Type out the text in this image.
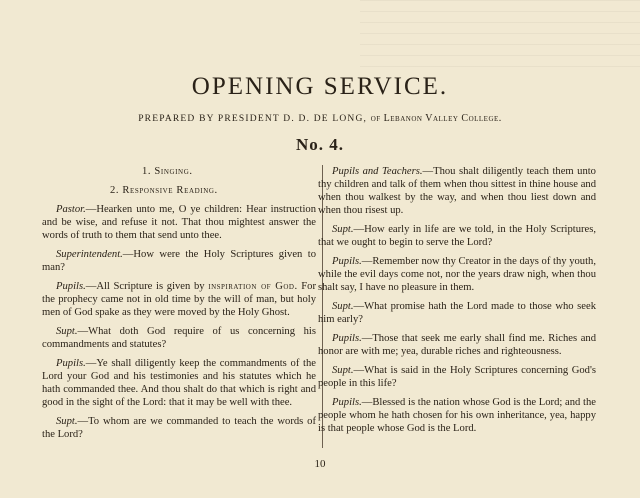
OPENING SERVICE.
PREPARED BY PRESIDENT D. D. DE LONG, of Lebanon Valley College.
No. 4.

1. Singing.

2. Responsive Reading.

Pastor.—Hearken unto me, O ye children: Hear instruction and be wise, and refuse it not. That thou mightest answer the words of truth to them that send unto thee.

Superintendent.—How were the Holy Scriptures given to man?

Pupils.—All Scripture is given by inspiration of God. For the prophecy came not in old time by the will of man, but holy men of God spake as they were moved by the Holy Ghost.

Supt.—What doth God require of us concerning his commandments and statutes?

Pupils.—Ye shall diligently keep the commandments of the Lord your God and his testimonies and his statutes which he hath commanded thee. And thou shalt do that which is right and good in the sight of the Lord: that it may be well with thee.

Supt.—To whom are we commanded to teach the words of the Lord?

Pupils and Teachers.—Thou shalt diligently teach them unto thy children and talk of them when thou sittest in thine house and when thou walkest by the way, and when thou liest down and when thou risest up.

Supt.—How early in life are we told, in the Holy Scriptures, that we ought to begin to serve the Lord?

Pupils.—Remember now thy Creator in the days of thy youth, while the evil days come not, nor the years draw nigh, when thou shalt say, I have no pleasure in them.

Supt.—What promise hath the Lord made to those who seek him early?

Pupils.—Those that seek me early shall find me. Riches and honor are with me; yea, durable riches and righteousness.

Supt.—What is said in the Holy Scriptures concerning God's people in this life?

Pupils.—Blessed is the nation whose God is the Lord; and the people whom he hath chosen for his own inheritance, yea, happy is that people whose God is the Lord.

10
